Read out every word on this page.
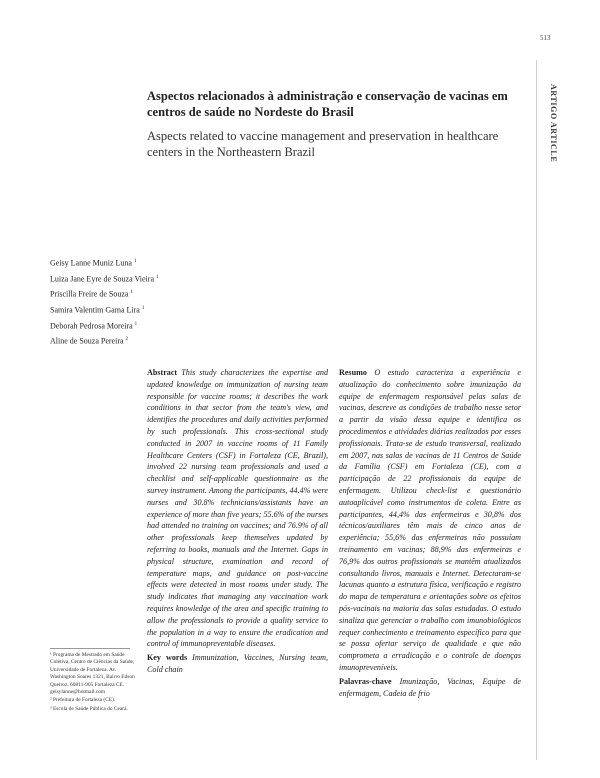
513
ARTIGO ARTICLE
Aspectos relacionados à administração e conservação de vacinas em centros de saúde no Nordeste do Brasil
Aspects related to vaccine management and preservation in healthcare centers in the Northeastern Brazil
Geisy Lanne Muniz Luna $^1$
Luiza Jane Eyre de Souza Vieira $^1$
Priscilla Freire de Souza $^1$
Samira Valentim Gama Lira $^1$
Deborah Pedrosa Moreira $^1$
Aline de Souza Pereira $^2$
Abstract This study characterizes the expertise and updated knowledge on immunization of nursing team responsible for vaccine rooms; it describes the work conditions in that sector from the team's view, and identifies the procedures and daily activities performed by such professionals. This cross-sectional study conducted in 2007 in vaccine rooms of 11 Family Healthcare Centers (CSF) in Fortaleza (CE, Brazil), involved 22 nursing team professionals and used a checklist and self-applicable questionnaire as the survey instrument. Among the participants, 44.4% were nurses and 30.8% technicians/assistants have an experience of more than five years; 55.6% of the nurses had attended no training on vaccines; and 76.9% of all other professionals keep themselves updated by referring to books, manuals and the Internet. Gaps in physical structure, examination and record of temperature maps, and guidance on post-vaccine effects were detected in most rooms under study. The study indicates that managing any vaccination work requires knowledge of the area and specific training to allow the professionals to provide a quality service to the population in a way to ensure the eradication and control of immunopreventable diseases.
Key words Immunization, Vaccines, Nursing team, Cold chain
Resumo O estudo caracteriza a experiência e atualização do conhecimento sobre imunização da equipe de enfermagem responsável pelas salas de vacinas, descreve as condições de trabalho nesse setor a partir da visão dessa equipe e identifica os procedimentos e atividades diárias realizados por esses profissionais. Trata-se de estudo transversal, realizado em 2007, nas salas de vacinas de 11 Centros de Saúde da Família (CSF) em Fortaleza (CE), com a participação de 22 profissionais da equipe de enfermagem. Utilizou check-list e questionário autoaplicável como instrumentos de coleta. Entre as participantes, 44,4% das enfermeiras e 30,8% dos técnicos/auxiliares têm mais de cinco anos de experiência; 55,6% das enfermeiras não possuíam treinamento em vacinas; 88,9% das enfermeiras e 76,9% dos outros profissionais se mantêm atualizados consultando livros, manuais e Internet. Detectaram-se lacunas quanto a estrutura física, verificação e registro do mapa de temperatura e orientações sobre os efeitos pós-vacinais na maioria das salas estudadas. O estudo sinaliza que gerenciar o trabalho com imunobiológicos requer conhecimento e treinamento específico para que se possa ofertar serviço de qualidade e que não comprometa a erradicação e o controle de doenças imunopreveníveis.
Palavras-chave Imunização, Vacinas, Equipe de enfermagem, Cadeia de frio
¹ Programa de Mestrado em Saúde Coletiva, Centro de Ciências da Saúde, Universidade de Fortaleza. Av. Washington Soares 1321, Bairro Edson Queiroz. 60811-905 Fortaleza CE. geisylanne@hotmail.com
² Prefeitura de Fortaleza (CE).
³ Escola de Saúde Pública do Ceará.
